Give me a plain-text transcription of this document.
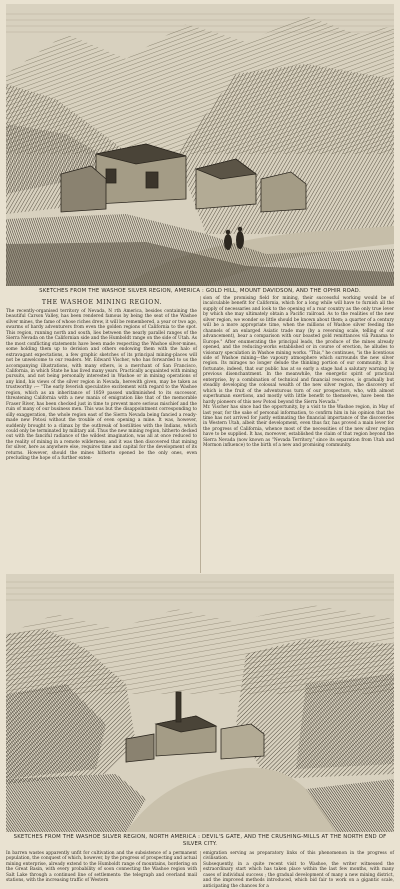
SKETCHES FROM THE WASHOE SILVER REGION, AMERICA : GOLD HILL, MOUNT DAVIDSON, AND THE OPHIR ROAD.
THE WASHOE MINING REGION.
The recently-organised territory of Nevada, N rth America, besides containing the beautiful Carson Valley, has been rendered famous by being the seat of the Washoe silver mines, the fame of whose riches drew, it will be remembered, a year or two ago, swarms of hardy adventurers from even the golden regions of California to the spot. This region, running north and south, lies between the nearly parallel ranges of the Sierra Nevada on the Californian side and the Humboldt range on the side of Utah. As the most conflicting statements have been made respecting the Washoe silver-mines, some holding them up to derision and others endowing them with the halo of extravagant expectations, a few graphic sketches of its principal mining-places will not be unwelcome to our readers. Mr. Edward Vischer, who has forwarded to us the accompanying illustrations, with many others, is a merchant of San Francisco, California, in which State he has lived many years. Practically acquainted with mining pursuits, and not being personally interested in Washoe or in mining operations of any kind, his views of the silver region in Nevada, herewith given, may be taken as trustworthy :— "The early feverish speculative excitement with regard to the Washoe region, which as an inheritance of 1859 passed undiminished to its successor, threatening California with a new mania of emigration like that of the memorable Fraser River, has been checked just in time to prevent more serious mischief and the ruin of many of our business men. This was but the disappointment corresponding to silly exaggeration, the whole region east of the Sierra Nevada being fancied a ready-made new Potosi without the trouble of even opening a mine. It was, however, suddenly brought to a climax by the outbreak of hostilities with the Indians, which could only be terminated by military aid. Thus the new mining region, hitherto decked out with the fanciful radiance of the wildest imagination, was all at once reduced to the reality of mining in a remote wilderness; and it was then discovered that mining for silver, here as anywhere else, requires time and capital for the development of its returns. However, should the mines hitherto opened be the only ones, even precluding the hope of a further exten-
sion of the promising field for mining, their successful working would be of incalculable benefit for California, which for a long while will have to furnish all the supply of necessaries and look to the opening of a roar country as the only true lever by which she may ultimately obtain a Pacific railroad. As to the realities of the new silver region, we wonder so little should be known about them; a quarter of a century will be a more appropriate time, when the millions of Washoe silver feeding the channels of an enlarged Asiatic trade may (by a reversing scale, telling of our advancement), bear a comparison with our boasted gold remittances viâ Panama to Europe." After enumerating the principal leads, the produce of the mines already opened, and the reducing-works established or in course of erection, he alludes to visionary speculation in Washoe mining works. "This," he continues, "is the licentious side of Washoe mining—the vapoury atmosphere which surrounds the new silver region. Its mirages no longer delude the thinking portion of our community. It is fortunate, indeed, that our public has at so early a stage had a salutary warning by previous disenchantment. In the meanwhile, the energetic spirit of practical enterprise, by a combination of technical and financial resources, is gradually but steadily developing the colossal wealth of the new silver region, the discovery of which is the fruit of the adventurous turn of our prospectors, who, with almost superhuman exertions, and mostly with little benefit to themselves, have been the hardy pioneers of this new Potosi beyond the Sierra Nevada."
Mr. Vischer has since had the opportunity, by a visit to the Washoe region, in May of last year, for the sake of personal information, to confirm him in his opinion that the time has not arrived for justly estimating the financial importance of the discoveries in Western Utah, albeit their development, even thus far, has proved a main lever for the progress of California, whence most of the necessities of the new silver region have to be supplied. It has, moreover, established the claim of that region beyond the Sierra Nevada (now known as "Nevada Territory," since its separation from Utah and Mormon influence) to the birth of a new and promising community.
SKETCHES FROM THE WASHOE SILVER REGION, NORTH AMERICA : DEVIL'S GATE, AND THE CRUSHING-MILLS AT THE NORTH END OF SILVER CITY.
In barren wastes apparently unfit for cultivation and the subsistence of a permanent population, the conquest of which, however, by the progress of prospecting and actual mining enterprise, already extend to the Humboldt range of mountains, bordering on the Great Basin, with every probability of soon connecting the Washoe region with Salt Lake through a continued line of settlements: the telegraph and overland mail stations, with the increasing traffic of Western
emigration serving as preparatory links of this phenomenon in the progress of civilisation.
Subsequently, in a quite recent visit to Washoe, the writer witnessed the extraordinary start which has taken place within the last few months, with many cases of individual success ; the gradual development of many a new mining district, and the improved methods introduced, which bid fair to work on a gigantic scale, anticipating the chances for a
